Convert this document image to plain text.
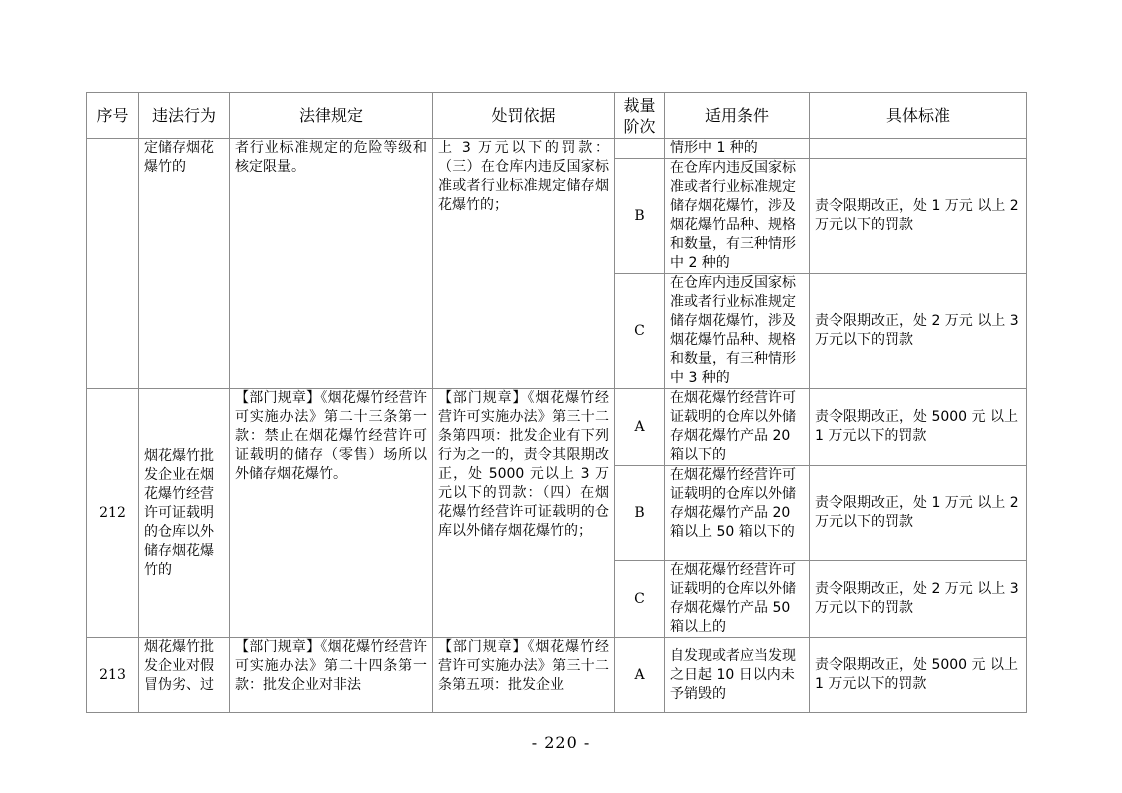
序号	违法行为	法律规定	处罚依据	裁量阶次	适用条件	具体标准
	定储存烟花爆竹的	者行业标准规定的危险等级和核定限量。	上 3 万元以下的罚款：（三）在仓库内违反国家标准或者行业标准规定储存烟花爆竹的；		情形中 1 种的	
				B	在仓库内违反国家标准或者行业标准规定储存烟花爆竹，涉及烟花爆竹品种、规格和数量，有三种情形中 2 种的	责令限期改正，处 1 万元 以上 2 万元以下的罚款
				C	在仓库内违反国家标准或者行业标准规定储存烟花爆竹，涉及烟花爆竹品种、规格和数量，有三种情形中 3 种的	责令限期改正，处 2 万元 以上 3 万元以下的罚款
212	烟花爆竹批发企业在烟花爆竹经营许可证载明的仓库以外储存烟花爆竹的	【部门规章】《烟花爆竹经营许可实施办法》第二十三条第一款：禁止在烟花爆竹经营许可证载明的储存（零售）场所以外储存烟花爆竹。	【部门规章】《烟花爆竹经营许可实施办法》第三十二条第四项：批发企业有下列行为之一的，责令其限期改正，处 5000 元以上 3 万元以下的罚款：（四）在烟花爆竹经营许可证载明的仓库以外储存烟花爆竹的；	A	在烟花爆竹经营许可证载明的仓库以外储存烟花爆竹产品 20 箱以下的	责令限期改正，处 5000 元 以上 1 万元以下的罚款
				B	在烟花爆竹经营许可证载明的仓库以外储存烟花爆竹产品 20 箱以上 50 箱以下的	责令限期改正，处 1 万元 以上 2 万元以下的罚款
				C	在烟花爆竹经营许可证载明的仓库以外储存烟花爆竹产品 50 箱以上的	责令限期改正，处 2 万元 以上 3 万元以下的罚款
213	烟花爆竹批发企业对假冒伪劣、过	【部门规章】《烟花爆竹经营许可实施办法》第二十四条第一款：批发企业对非法	【部门规章】《烟花爆竹经营许可实施办法》第三十二条第五项：批发企业	A	自发现或者应当发现之日起 10 日以内未予销毁的	责令限期改正，处 5000 元 以上 1 万元以下的罚款
- 220 -
